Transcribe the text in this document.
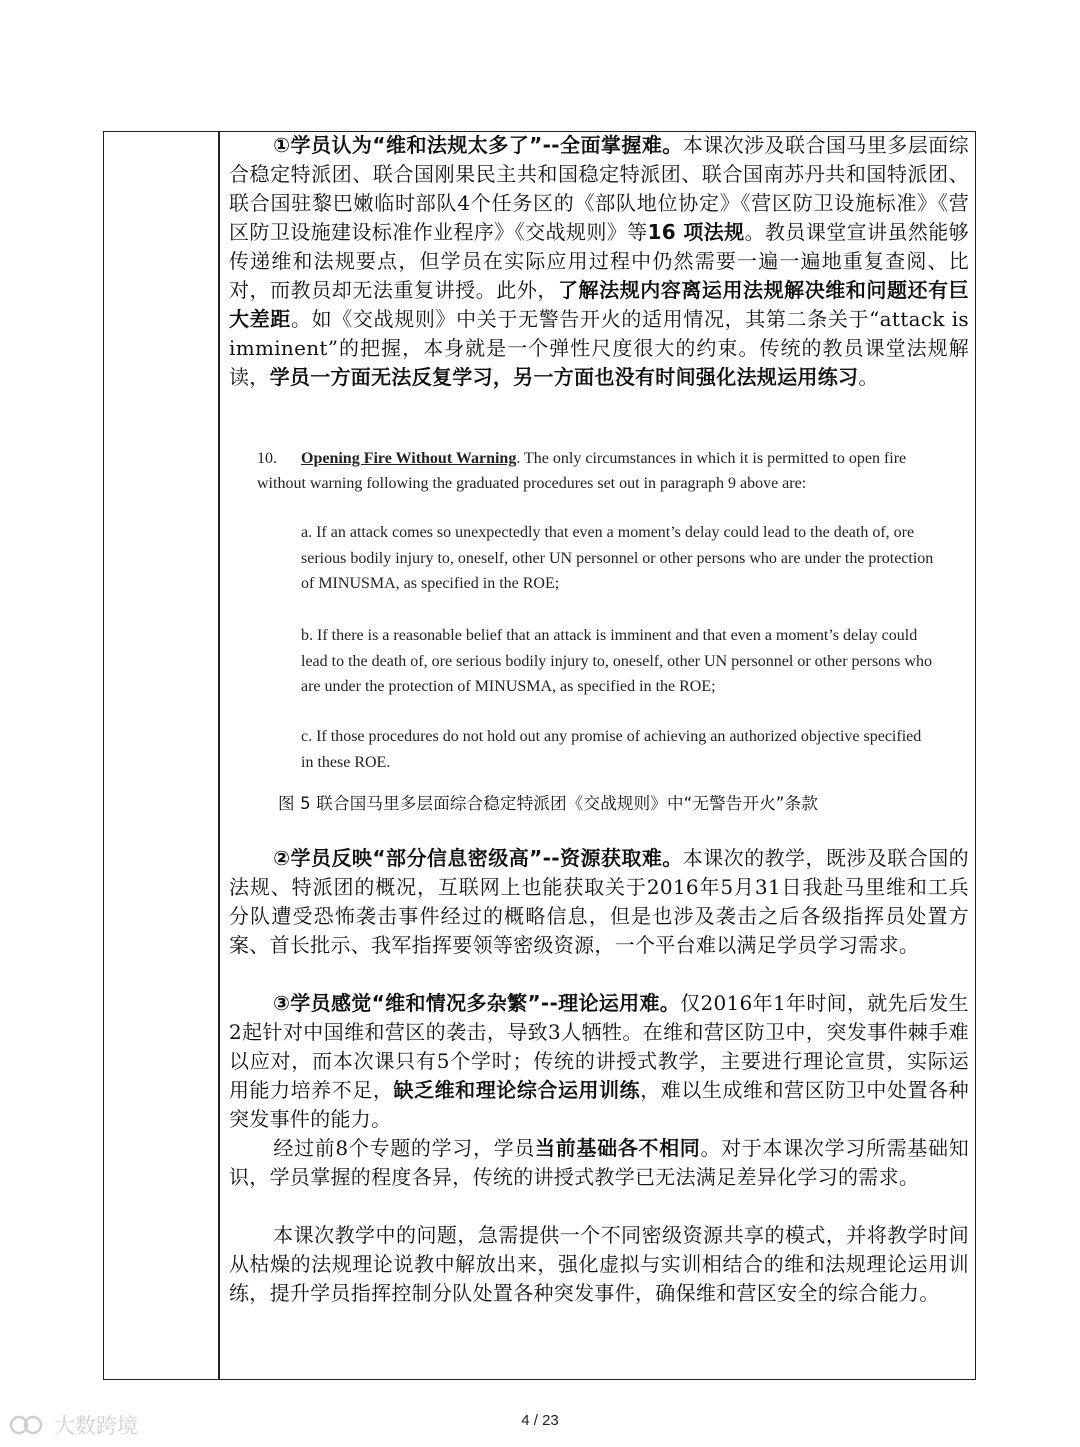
①学员认为“维和法规太多了”--全面掌握难。本课次涉及联合国马里多层面综合稳定特派团、联合国刚果民主共和国稳定特派团、联合国南苏丹共和国特派团、联合国驻黎巴嫩临时部队4个任务区的《部队地位协定》《营区防卫设施标准》《营区防卫设施建设标准作业程序》《交战规则》等16 项法规。教员课堂宣讲虽然能够传递维和法规要点，但学员在实际应用过程中仍然需要一遍一遍地重复查阅、比对，而教员却无法重复讲授。此外，了解法规内容离运用法规解决维和问题还有巨大差距。如《交战规则》中关于无警告开火的适用情况，其第二条关于“attack is imminent”的把握，本身就是一个弹性尺度很大的约束。传统的教员课堂法规解读，学员一方面无法反复学习，另一方面也没有时间强化法规运用练习。
10. Opening Fire Without Warning. The only circumstances in which it is permitted to open fire without warning following the graduated procedures set out in paragraph 9 above are:
a. If an attack comes so unexpectedly that even a moment’s delay could lead to the death of, ore serious bodily injury to, oneself, other UN personnel or other persons who are under the protection of MINUSMA, as specified in the ROE;
b. If there is a reasonable belief that an attack is imminent and that even a moment’s delay could lead to the death of, ore serious bodily injury to, oneself, other UN personnel or other persons who are under the protection of MINUSMA, as specified in the ROE;
c. If those procedures do not hold out any promise of achieving an authorized objective specified in these ROE.
图 5 联合国马里多层面综合稳定特派团《交战规则》中“无警告开火”条款
②学员反映“部分信息密级高”--资源获取难。本课次的教学，既涉及联合国的法规、特派团的概况，互联网上也能获取关于2016年5月31日我赴马里维和工兵分队遭受恐怖袭击事件经过的概略信息，但是也涉及袭击之后各级指挥员处置方案、首长批示、我军指挥要领等密级资源，一个平台难以满足学员学习需求。
③学员感觉“维和情况多杂繁”--理论运用难。仅2016年1年时间，就先后发生2起针对中国维和营区的袭击，导致3人牺牲。在维和营区防卫中，突发事件棘手难以应对，而本次课只有5个学时；传统的讲授式教学，主要进行理论宣贯，实际运用能力培养不足，缺乏维和理论综合运用训练，难以生成维和营区防卫中处置各种突发事件的能力。
经过前8个专题的学习，学员当前基础各不相同。对于本课次学习所需基础知识，学员掌握的程度各异，传统的讲授式教学已无法满足差异化学习的需求。
本课次教学中的问题，急需提供一个不同密级资源共享的模式，并将教学时间从枯燥的法规理论说教中解放出来，强化虚拟与实训相结合的维和法规理论运用训练，提升学员指挥控制分队处置各种突发事件，确保维和营区安全的综合能力。
大数跨境	4 / 23
